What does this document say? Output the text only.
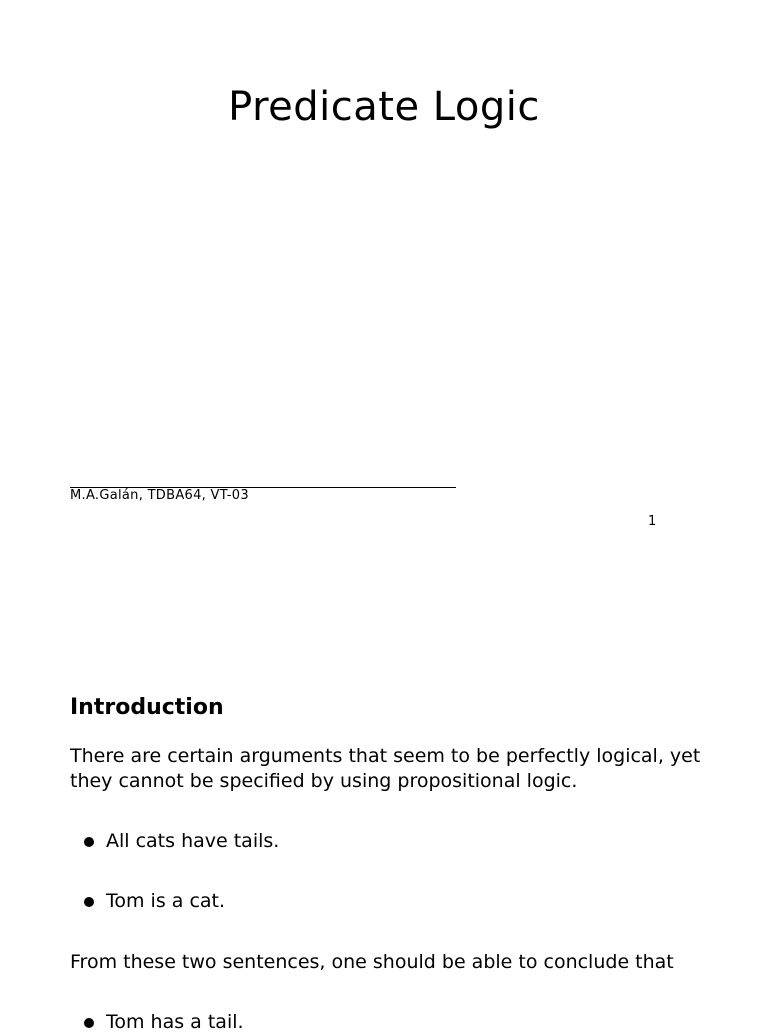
Predicate Logic
M.A.Galán, TDBA64, VT-03
1
Introduction

There are certain arguments that seem to be perfectly logical, yet they cannot be specified by using propositional logic.

All cats have tails.
Tom is a cat.

From these two sentences, one should be able to conclude that

Tom has a tail.
